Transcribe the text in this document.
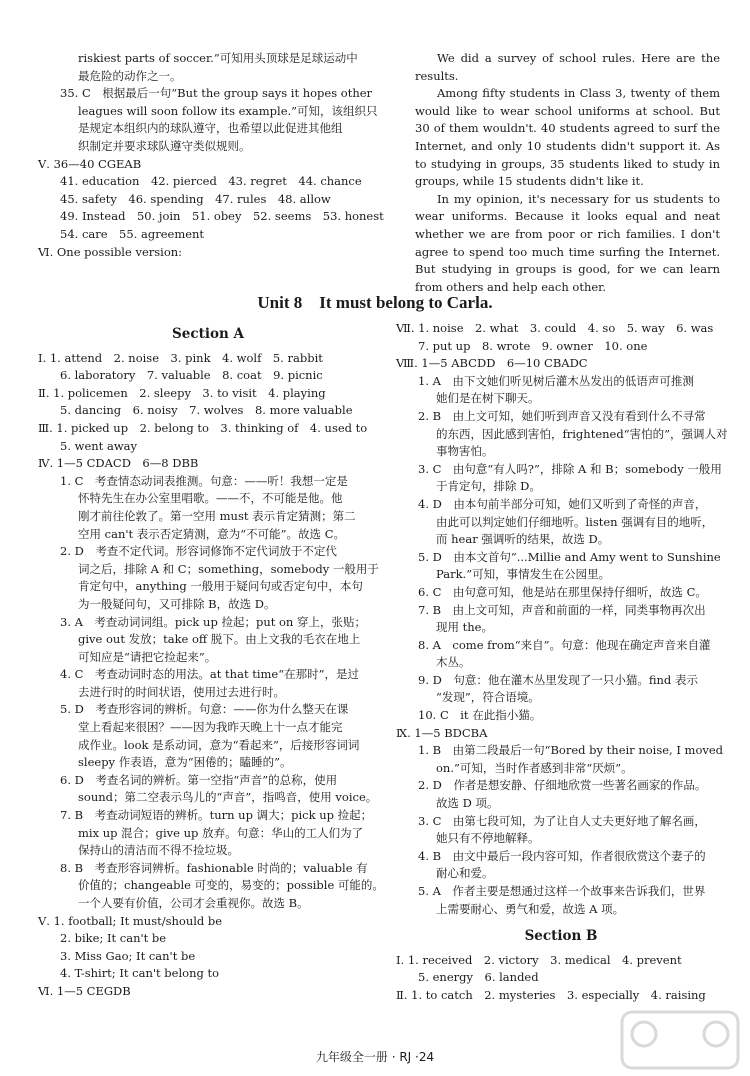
riskiest parts of soccer.”可知用头顶球是足球运动中

最危险的动作之一。

35. C　根据最后一句“But the group says it hopes other

leagues will soon follow its example.”可知，该组织只

是规定本组织内的球队遵守，也希望以此促进其他组

织制定并要求球队遵守类似规则。

Ⅴ. 36—40 CGEAB

41. education　42. pierced　43. regret　44. chance

45. safety　46. spending　47. rules　48. allow

49. Instead　50. join　51. obey　52. seems　53. honest

54. care　55. agreement

Ⅵ. One possible version:

We did a survey of school rules. Here are the results.

Among fifty students in Class 3, twenty of them would like to wear school uniforms at school. But 30 of them wouldn't. 40 students agreed to surf the Internet, and only 10 students didn't support it. As to studying in groups, 35 students liked to study in groups, while 15 students didn't like it.

In my opinion, it's necessary for us students to wear uniforms. Because it looks equal and neat whether we are from poor or rich families. I don't agree to spend too much time surfing the Internet. But studying in groups is good, for we can learn from others and help each other.

Unit 8　It must belong to Carla.

Section A

Ⅰ. 1. attend　2. noise　3. pink　4. wolf　5. rabbit

6. laboratory　7. valuable　8. coat　9. picnic

Ⅱ. 1. policemen　2. sleepy　3. to visit　4. playing

5. dancing　6. noisy　7. wolves　8. more valuable

Ⅲ. 1. picked up　2. belong to　3. thinking of　4. used to

5. went away

Ⅳ. 1—5 CDACD　6—8 DBB

1. C　考查情态动词表推测。句意：——听！我想一定是

怀特先生在办公室里唱歌。——不，不可能是他。他

刚才前往伦敦了。第一空用 must 表示肯定猜测；第二

空用 can't 表示否定猜测，意为“不可能”。故选 C。

2. D　考查不定代词。形容词修饰不定代词放于不定代

词之后，排除 A 和 C；something，somebody 一般用于

肯定句中，anything 一般用于疑问句或否定句中，本句

为一般疑问句，又可排除 B，故选 D。

3. A　考查动词词组。pick up 捡起；put on 穿上，张贴；

give out 发放；take off 脱下。由上文我的毛衣在地上

可知应是“请把它捡起来”。

4. C　考查动词时态的用法。at that time“在那时”，是过

去进行时的时间状语，使用过去进行时。

5. D　考查形容词的辨析。句意：——你为什么整天在课

堂上看起来很困？——因为我昨天晚上十一点才能完

成作业。look 是系动词，意为“看起来”，后接形容词词

sleepy 作表语，意为“困倦的；瞌睡的”。

6. D　考查名词的辨析。第一空指“声音”的总称，使用

sound；第二空表示鸟儿的“声音”，指鸣音，使用 voice。

7. B　考查动词短语的辨析。turn up 调大；pick up 捡起；

mix up 混合；give up 放弃。句意：华山的工人们为了

保持山的清洁而不得不捡垃圾。

8. B　考查形容词辨析。fashionable 时尚的；valuable 有

价值的；changeable 可变的，易变的；possible 可能的。

一个人要有价值，公司才会重视你。故选 B。

Ⅴ. 1. football; It must/should be

2. bike; It can't be

3. Miss Gao; It can't be

4. T-shirt; It can't belong to

Ⅵ. 1—5 CEGDB

Ⅶ. 1. noise　2. what　3. could　4. so　5. way　6. was

7. put up　8. wrote　9. owner　10. one

Ⅷ. 1—5 ABCDD　6—10 CBADC

1. A　由下文她们听见树后灌木丛发出的低语声可推测

她们是在树下聊天。

2. B　由上文可知，她们听到声音又没有看到什么不寻常

的东西，因此感到害怕，frightened“害怕的”，强调人对

事物害怕。

3. C　由句意“有人吗?”，排除 A 和 B；somebody 一般用

于肯定句，排除 D。

4. D　由本句前半部分可知，她们又听到了奇怪的声音，

由此可以判定她们仔细地听。listen 强调有目的地听，

而 hear 强调听的结果，故选 D。

5. D　由本文首句“...Millie and Amy went to Sunshine

Park.”可知，事情发生在公园里。

6. C　由句意可知，他是站在那里保持仔细听，故选 C。

7. B　由上文可知，声音和前面的一样，同类事物再次出

现用 the。

8. A　come from“来自”。句意：他现在确定声音来自灌

木丛。

9. D　句意：他在灌木丛里发现了一只小猫。find 表示

“发现”，符合语境。

10. C　it 在此指小猫。

Ⅸ. 1—5 BDCBA

1. B　由第二段最后一句“Bored by their noise, I moved

on.”可知，当时作者感到非常“厌烦”。

2. D　作者是想安静、仔细地欣赏一些著名画家的作品。

故选 D 项。

3. C　由第七段可知，为了让自人丈夫更好地了解名画，

她只有不停地解释。

4. B　由文中最后一段内容可知，作者很欣赏这个妻子的

耐心和爱。

5. A　作者主要是想通过这样一个故事来告诉我们，世界

上需要耐心、勇气和爱，故选 A 项。

Section B

Ⅰ. 1. received　2. victory　3. medical　4. prevent

5. energy　6. landed

Ⅱ. 1. to catch　2. mysteries　3. especially　4. raising

九年级全一册 · RJ ·24
